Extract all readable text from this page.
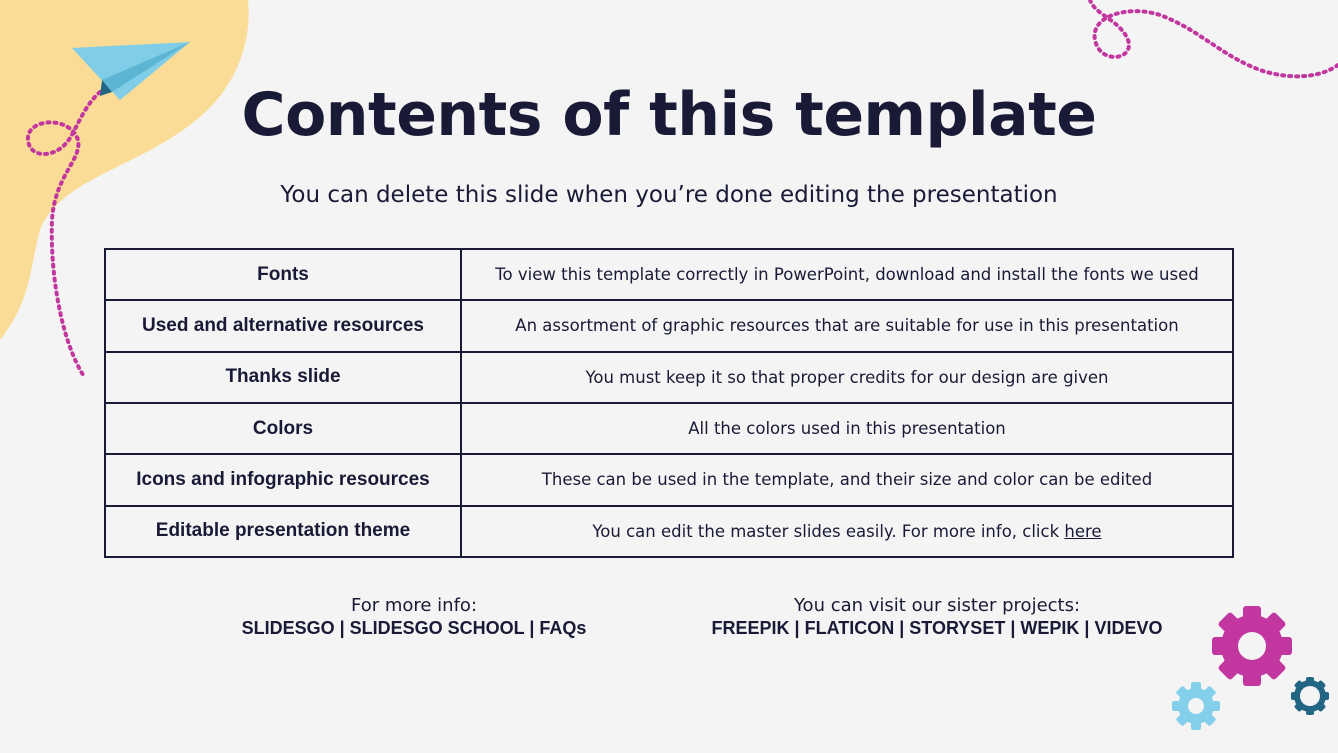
Contents of this template
You can delete this slide when you’re done editing the presentation
Fonts	To view this template correctly in PowerPoint, download and install the fonts we used
Used and alternative resources	An assortment of graphic resources that are suitable for use in this presentation
Thanks slide	You must keep it so that proper credits for our design are given
Colors	All the colors used in this presentation
Icons and infographic resources	These can be used in the template, and their size and color can be edited
Editable presentation theme	You can edit the master slides easily. For more info, click here
For more info:
SLIDESGO | SLIDESGO SCHOOL | FAQs
You can visit our sister projects:
FREEPIK | FLATICON | STORYSET | WEPIK | VIDEVO
